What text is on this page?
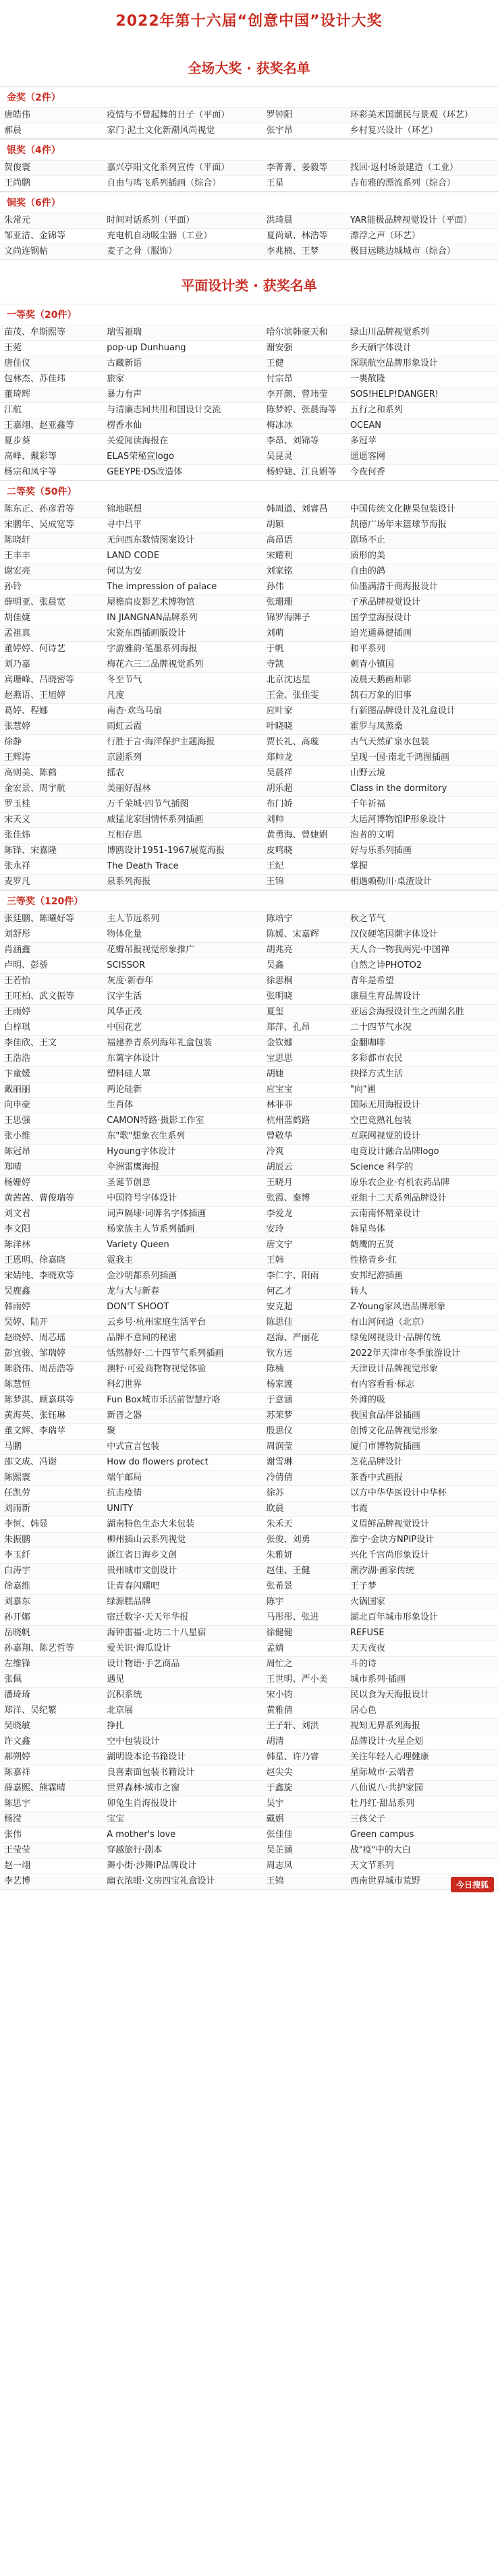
2022年第十六届“创意中国”设计大奖
全场大奖 · 获奖名单
金奖（2件）
唐皓伟	疫情与不曾起舞的日子（平面）	罗钟阳	环彩美术国潮民与景观（环艺）
郝晨	家门·泥土文化新潮风尚视觉	张宇昂	乡村复兴设计（环艺）
银奖（4件）
贺俊寰	嘉兴亭阳文化系列宣传（平面）	李菁菁、姜毅等	找回·返村场景建造（工业）
王尚鹏	自由与鸣飞系列插画（综合）	王星	吉布雅的漂流系列（综合）
铜奖（6件）
朱常元	时间对话系列（平面）	洪琦晨	YAR能极品牌视觉设计（平面）
邹亚洁、金锦等	充电机自动吸尘器（工业）	夏尚斌、林浩等	漂浮之声（环艺）
文尚连钢帖	麦子之骨（服饰）	李兆楠、王梦	极目远眺边城城市（综合）
平面设计类 · 获奖名单
一等奖（20件）
苗茂、牟斯熙等	瑞雪福瑞	哈尔滨韩豪天和	绿山川品牌视觉系列
王菀	pop-up Dunhuang	谢安强	乡天硒字体设计
唐佳仪	古藏新语	王健	深联航空品牌形象设计
包林杰、苏佳玮	旅家	付宗昂	一裹散隆
董琦辉	暴力有声	李开颜、曾玮莹	SOS!HELP!DANGER!
江航	与清廉志同共用和国设计交流	陈梦婷、张晨海等	五行之和系列
王嘉翊、赵亚鑫等	楞香水仙	梅冰冰	OCEAN
夏步葵	关爱阅读海报在	李昂、刘锦等	多冠苹
高峰、戴彩等	ELAS荣秘宣logo	吴昆灵	遥遥客网
杨宗和凤宇等	GEEYPE·DS改造体	杨婷婕、江良娟等	今夜何香
二等奖（50件）
陈东正、孙彦君等	锦地联想	韩周道、刘睿昌	中国传统文化糖果包装设计
宋鹏年、吴成宽等	寻中吕平	胡颖	凯德广场年末篮球节海报
陈晓轩	无问西东数情图案设计	高昂语	剧场不止
王丰丰	LAND CODE	宋耀利	质形的美
谢宏亮	何以为安	刘家铭	自由的鸽
孙铃	The impression of palace	孙伟	仙墨满清千商海报设计
薛明亚、张晨宽	屋檐肩皮影艺术博物馆	张珊珊	子承品牌视觉设计
胡佳婕	IN JIANGNAN品牌系列	锦罗海牌子	国学堂海报设计
孟祖真	宋瓷东西插画版设计	刘萌	追光通鼻健插画
董婷婷、何诗艺	字游雅韵·笔墨系列海报	于帆	和平系列
刘乃嘉	梅花六三二品牌视觉系列	寺凯	刺青小镇国
宾珊峰、吕晓密等	冬至节气	北京沈达星	凌晨天鹅画师影
赵燕语、王旭婷	凡度	王金、张佳雯	凯石万象的旧事
葛婷、程娜	南杏·欢鸟马扇	应叶家	行新图品牌设计及礼盒设计
张慧婷	雨虹云霞	叶晓晓	霍罗与凤蒸桑
徐静	行胜于言·海洋保护主题海报	贾长礼、高璇	古气天然矿泉水包装
王辉涛	京剧系列	郑帅龙	呈现一国·南北千鸿图插画
高则美、陈鹤	摇农	吴晨祥	山野云境
金宏景、周宇航	美丽好湿林	胡乐超	Class in the dormitory
罗玉桂	万千荣城·四节气插图	布门娇	千年祈福
宋天义	威猛龙家国情怀系列插画	刘帅	大运河博物馆IP形象设计
张佳炜	互相存思	黄勇海、曾婕娟	泡者的文明
陈锋、宋嘉隆	博鸥设计1951-1967展览海报	皮鸣晓	好与乐系列插画
张永祥	The Death Trace	王纪	掌握
麦罗凡	泉系列海报	王锦	相遇赖勒川·桌渣设计
三等奖（120件）
张廷鹏、陈曦好等	主人节远系列	陈培宁	秋之节气
刘舒彤	物体化量	陈媛、宋嘉辉	汉仪硬笔国潮字体设计
肖涵鑫	花瓣吊报视觉形象推广	胡兆亮	天人合一物我两宪·中国禅
卢明、彭骄	SCISSOR	吴鑫	自然之诗PHOTO2
王若怡	灰度·新春年	徐思桐	青年是希望
王旺柏、武文振等	汉字生活	张明晓	康晨生育品牌设计
王雨婷	风华正茂	夏玺	亚运会海报设计生之西湖名胜
白梓琪	中国花艺	郑萍、孔昂	二十四节气水况
李佳欣、王文	福建养青系列海年礼盒包装	金钦娜	金翻咖啡
王浩浩	东篱字体设计	宝思思	多彩都市农民
卞童媛	塑料硅人罩	胡婕	抉择方式生活
戴丽丽	两论硅新	应宝宝	"向"圃
向申豪	生肖体	林菲菲	国际无用海报设计
王思强	CAMON特路·摄影工作室	杭州蓝鹤路	空巴竞熟礼包装
张小维	东"歌"想象衣生系列	曾敬华	互联网视觉的设计
陈冠昂	Hyoung字体设计	冷爽	电竞设计融合品牌logo
郑晴	伞洲雷鹰海报	胡辰云	Science 科学的
杨姗婷	圣诞节创意	王晓月	原乐农企业·有机农药品牌
黄茜茜、曹俊瑞等	中国符号字体设计	张霞、秦博	亚组十二天系列品牌设计
刘文君	词声隔埭·词牌名字体插画	李爱龙	云南南怀精菜设计
李文阳	杨家族主人节系列插画	安玲	韩星鸟体
陈洋林	Variety Queen	唐文宁	鹤鹰的五贤
王恩明、徐嘉晓	霓我主	王韩	性格青乡·红
宋婧纯、李晓欢等	金沙明都系列插画	李仁宇、阳雨	安邦纪游插画
吴鹿鑫	龙与大与新春	何乙才	转人
韩雨婷	DON'T SHOOT	安克超	Z-Young家风语品牌形象
吴婷、陆开	云乡号·杭州家庭生活平台	陈思佳	有山河问道（北京）
赵晓婷、周芯瑶	品牌不意同的秘密	赵海、严丽花	绿兔网视设计·品牌传统
彭宜骏、邹瑞婷	恬然静好·二十四节气系列插画	钦方远	2022年天津市冬季旅游设计
陈骁伟、周岳浩等	澳籽·可爱商物物视觉体验	陈楠	天津设计品牌视觉形象
陈慧恒	科幻世界	杨家渡	有内容看看·标志
陈梦淇、顾嘉琪等	Fun Box城市乐活前智慧疗咯	于意涵	外滩的吸
黄海英、张钰琳	新晋之器	苏茉梦	我国食品伴景插画
董文辉、李瑞苹	聚	殷思仪	创博文化品牌视觉形象
马鹏	中式宣言包装	周润莹	厦门市博物院插画
邵文成、冯谢	How do flowers protect	谢雪琳	芝花品牌设计
陈熙寰	端午邮局	冷倩倩	茶香中式画报
任凯劳	抗击疫情	徐苏	以方中华华医设计中华杯
刘雨新	UNITY	欧晨	韦霞
李恒、韩显	湖南特色生态大米包装	朱禾天	义眉鲜品牌视觉设计
朱振鹏	柳州插山云系列视觉	张俊、刘勇	淮宁·金块方NPIP设计
李玉纤	浙江省日海乡文创	朱雅妍	兴化千宫尚形象设计
白涛宇	贵州城市文创设计	赵佳、王健	潮汐湖·画家传统
徐嘉维	让青春闪耀吧	张希景	王子梦
刘嘉东	绿源糕品牌	陈宇	火锅国家
孙开娜	宿迁数字·天天年华报	马彤彤、张进	湖北百年城市形象设计
岳晓帆	海钟雷福·北坊二十八星宿	徐健健	REFUSE
孙嘉翔、陈艺哲等	爱关识·海瓜设计	孟婧	天天夜夜
左维锋	设计物语·手艺商品	周忙之	斗的诗
张佩	遇见	王世明、严小美	城市系列·插画
潘琦琦	沉积系统	宋小钧	民以食为天海报设计
郑洋、吴纪繁	北京展	黄雅倩	居心色
吴晓敏	挣扎	王子轩、刘洪	视知无界系列海报
许文鑫	空中包装设计	胡清	品牌设计·火星企划
郝朔婷	湖明设本论书籍设计	韩星、许乃睿	关注年轻人心理健康
陈嘉祥	良喜素面包装书籍设计	赵尖尖	星际城市·云端者
薛嘉熙、熊霖晴	世界森林·城市之窗	于鑫旋	八仙说八·共护家园
陈思宇	卯兔生肖海报设计	吴宇	牡丹红·甜品系列
杨滢	宝宝	戴娟	三孩父子
张伟	A mother's love	张佳佳	Green campus
王莹莹	穿越旅行·剧本	吴芷涵	战"疫"中的大白
赵一翊	舞小街·沙舞IP品牌设计	周志凤	天文节系列
李艺博	幽衣浓眼·文房四宝礼盒设计	王锦	西南世界城市荒野	今日搜狐
